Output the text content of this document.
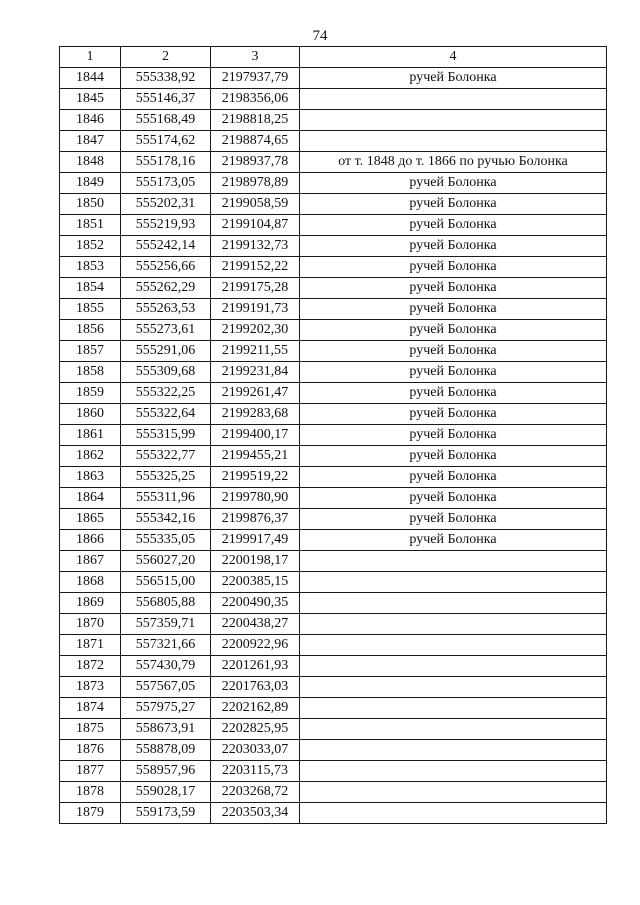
74
1	2	3	4
1844	555338,92	2197937,79	ручей Болонка
1845	555146,37	2198356,06	
1846	555168,49	2198818,25	
1847	555174,62	2198874,65	
1848	555178,16	2198937,78	от т. 1848 до т. 1866 по ручью Болонка
1849	555173,05	2198978,89	ручей Болонка
1850	555202,31	2199058,59	ручей Болонка
1851	555219,93	2199104,87	ручей Болонка
1852	555242,14	2199132,73	ручей Болонка
1853	555256,66	2199152,22	ручей Болонка
1854	555262,29	2199175,28	ручей Болонка
1855	555263,53	2199191,73	ручей Болонка
1856	555273,61	2199202,30	ручей Болонка
1857	555291,06	2199211,55	ручей Болонка
1858	555309,68	2199231,84	ручей Болонка
1859	555322,25	2199261,47	ручей Болонка
1860	555322,64	2199283,68	ручей Болонка
1861	555315,99	2199400,17	ручей Болонка
1862	555322,77	2199455,21	ручей Болонка
1863	555325,25	2199519,22	ручей Болонка
1864	555311,96	2199780,90	ручей Болонка
1865	555342,16	2199876,37	ручей Болонка
1866	555335,05	2199917,49	ручей Болонка
1867	556027,20	2200198,17	
1868	556515,00	2200385,15	
1869	556805,88	2200490,35	
1870	557359,71	2200438,27	
1871	557321,66	2200922,96	
1872	557430,79	2201261,93	
1873	557567,05	2201763,03	
1874	557975,27	2202162,89	
1875	558673,91	2202825,95	
1876	558878,09	2203033,07	
1877	558957,96	2203115,73	
1878	559028,17	2203268,72	
1879	559173,59	2203503,34	
